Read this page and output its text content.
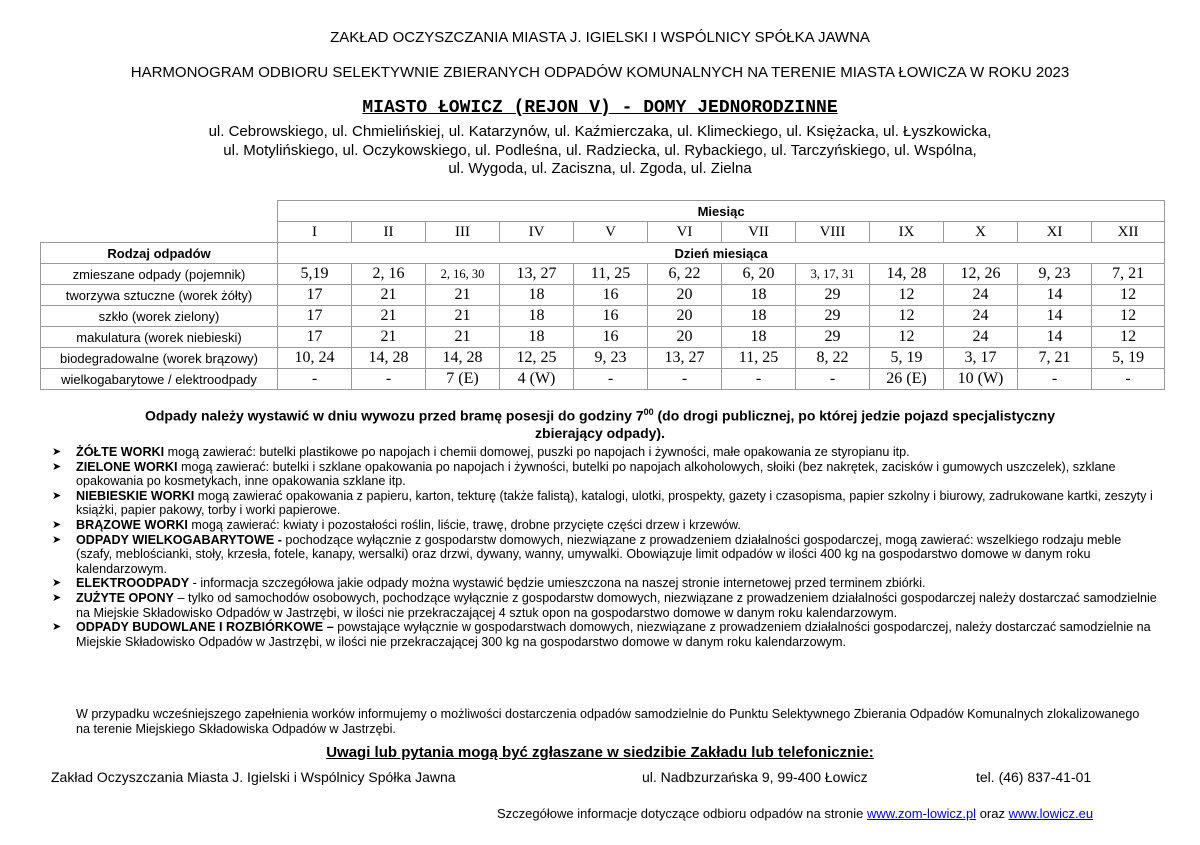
ZAKŁAD OCZYSZCZANIA MIASTA J. IGIELSKI I WSPÓLNICY SPÓŁKA JAWNA
HARMONOGRAM ODBIORU SELEKTYWNIE ZBIERANYCH ODPADÓW KOMUNALNYCH NA TERENIE MIASTA ŁOWICZA W ROKU 2023
MIASTO ŁOWICZ (REJON V) - DOMY JEDNORODZINNE
ul. Cebrowskiego, ul. Chmielińskiej, ul. Katarzynów, ul. Kaźmierczaka, ul. Klimeckiego, ul. Księżacka, ul. Łyszkowicka,
ul. Motylińskiego, ul. Oczykowskiego, ul. Podleśna, ul. Radziecka, ul. Rybackiego, ul. Tarczyńskiego, ul. Wspólna,
ul. Wygoda, ul. Zaciszna, ul. Zgoda, ul. Zielna
	Miesiąc											
	I	II	III	IV	V	VI	VII	VIII	IX	X	XI	XII
Rodzaj odpadów	Dzień miesiąca											
zmieszane odpady (pojemnik)	5,19	2, 16	2, 16, 30	13, 27	11, 25	6, 22	6, 20	3, 17, 31	14, 28	12, 26	9, 23	7, 21
tworzywa sztuczne (worek żółty)	17	21	21	18	16	20	18	29	12	24	14	12
szkło (worek zielony)	17	21	21	18	16	20	18	29	12	24	14	12
makulatura (worek niebieski)	17	21	21	18	16	20	18	29	12	24	14	12
biodegradowalne (worek brązowy)	10, 24	14, 28	14, 28	12, 25	9, 23	13, 27	11, 25	8, 22	5, 19	3, 17	7, 21	5, 19
wielkogabarytowe / elektroodpady	-	-	7 (E)	4 (W)	-	-	-	-	26 (E)	10 (W)	-	-
Odpady należy wystawić w dniu wywozu przed bramę posesji do godziny $7^{00}$ (do drogi publicznej, po której jedzie pojazd specjalistyczny
zbierający odpady).
➤ ŻÓŁTE WORKI mogą zawierać: butelki plastikowe po napojach i chemii domowej, puszki po napojach i żywności, małe opakowania ze styropianu itp.
➤ ZIELONE WORKI mogą zawierać: butelki i szklane opakowania po napojach i żywności, butelki po napojach alkoholowych, słoiki (bez nakrętek, zacisków i gumowych uszczelek), szklane opakowania po kosmetykach, inne opakowania szklane itp.
➤ NIEBIESKIE WORKI mogą zawierać opakowania z papieru, karton, tekturę (także falistą), katalogi, ulotki, prospekty, gazety i czasopisma, papier szkolny i biurowy, zadrukowane kartki, zeszyty i książki, papier pakowy, torby i worki papierowe.
➤ BRĄZOWE WORKI mogą zawierać: kwiaty i pozostałości roślin, liście, trawę, drobne przycięte części drzew i krzewów.
➤ ODPADY WIELKOGABARYTOWE - pochodzące wyłącznie z gospodarstw domowych, niezwiązane z prowadzeniem działalności gospodarczej, mogą zawierać: wszelkiego rodzaju meble (szafy, meblościanki, stoły, krzesła, fotele, kanapy, wersalki) oraz drzwi, dywany, wanny, umywalki. Obowiązuje limit odpadów w ilości 400 kg na gospodarstwo domowe w danym roku kalendarzowym.
➤ ELEKTROODPADY - informacja szczegółowa jakie odpady można wystawić będzie umieszczona na naszej stronie internetowej przed terminem zbiórki.
➤ ZUŻYTE OPONY – tylko od samochodów osobowych, pochodzące wyłącznie z gospodarstw domowych, niezwiązane z prowadzeniem działalności gospodarczej należy dostarczać samodzielnie na Miejskie Składowisko Odpadów w Jastrzębi, w ilości nie przekraczającej 4 sztuk opon na gospodarstwo domowe w danym roku kalendarzowym.
➤ ODPADY BUDOWLANE I ROZBIÓRKOWE – powstające wyłącznie w gospodarstwach domowych, niezwiązane z prowadzeniem działalności gospodarczej, należy dostarczać samodzielnie na Miejskie Składowisko Odpadów w Jastrzębi, w ilości nie przekraczającej 300 kg na gospodarstwo domowe w danym roku kalendarzowym.
W przypadku wcześniejszego zapełnienia worków informujemy o możliwości dostarczenia odpadów samodzielnie do Punktu Selektywnego Zbierania Odpadów Komunalnych zlokalizowanego na terenie Miejskiego Składowiska Odpadów w Jastrzębi.
Uwagi lub pytania mogą być zgłaszane w siedzibie Zakładu lub telefonicznie:
Zakład Oczyszczania Miasta J. Igielski i Wspólnicy Spółka Jawna	ul. Nadbzurzańska 9, 99-400 Łowicz	tel. (46) 837-41-01
Szczegółowe informacje dotyczące odbioru odpadów na stronie www.zom-lowicz.pl oraz www.lowicz.eu
